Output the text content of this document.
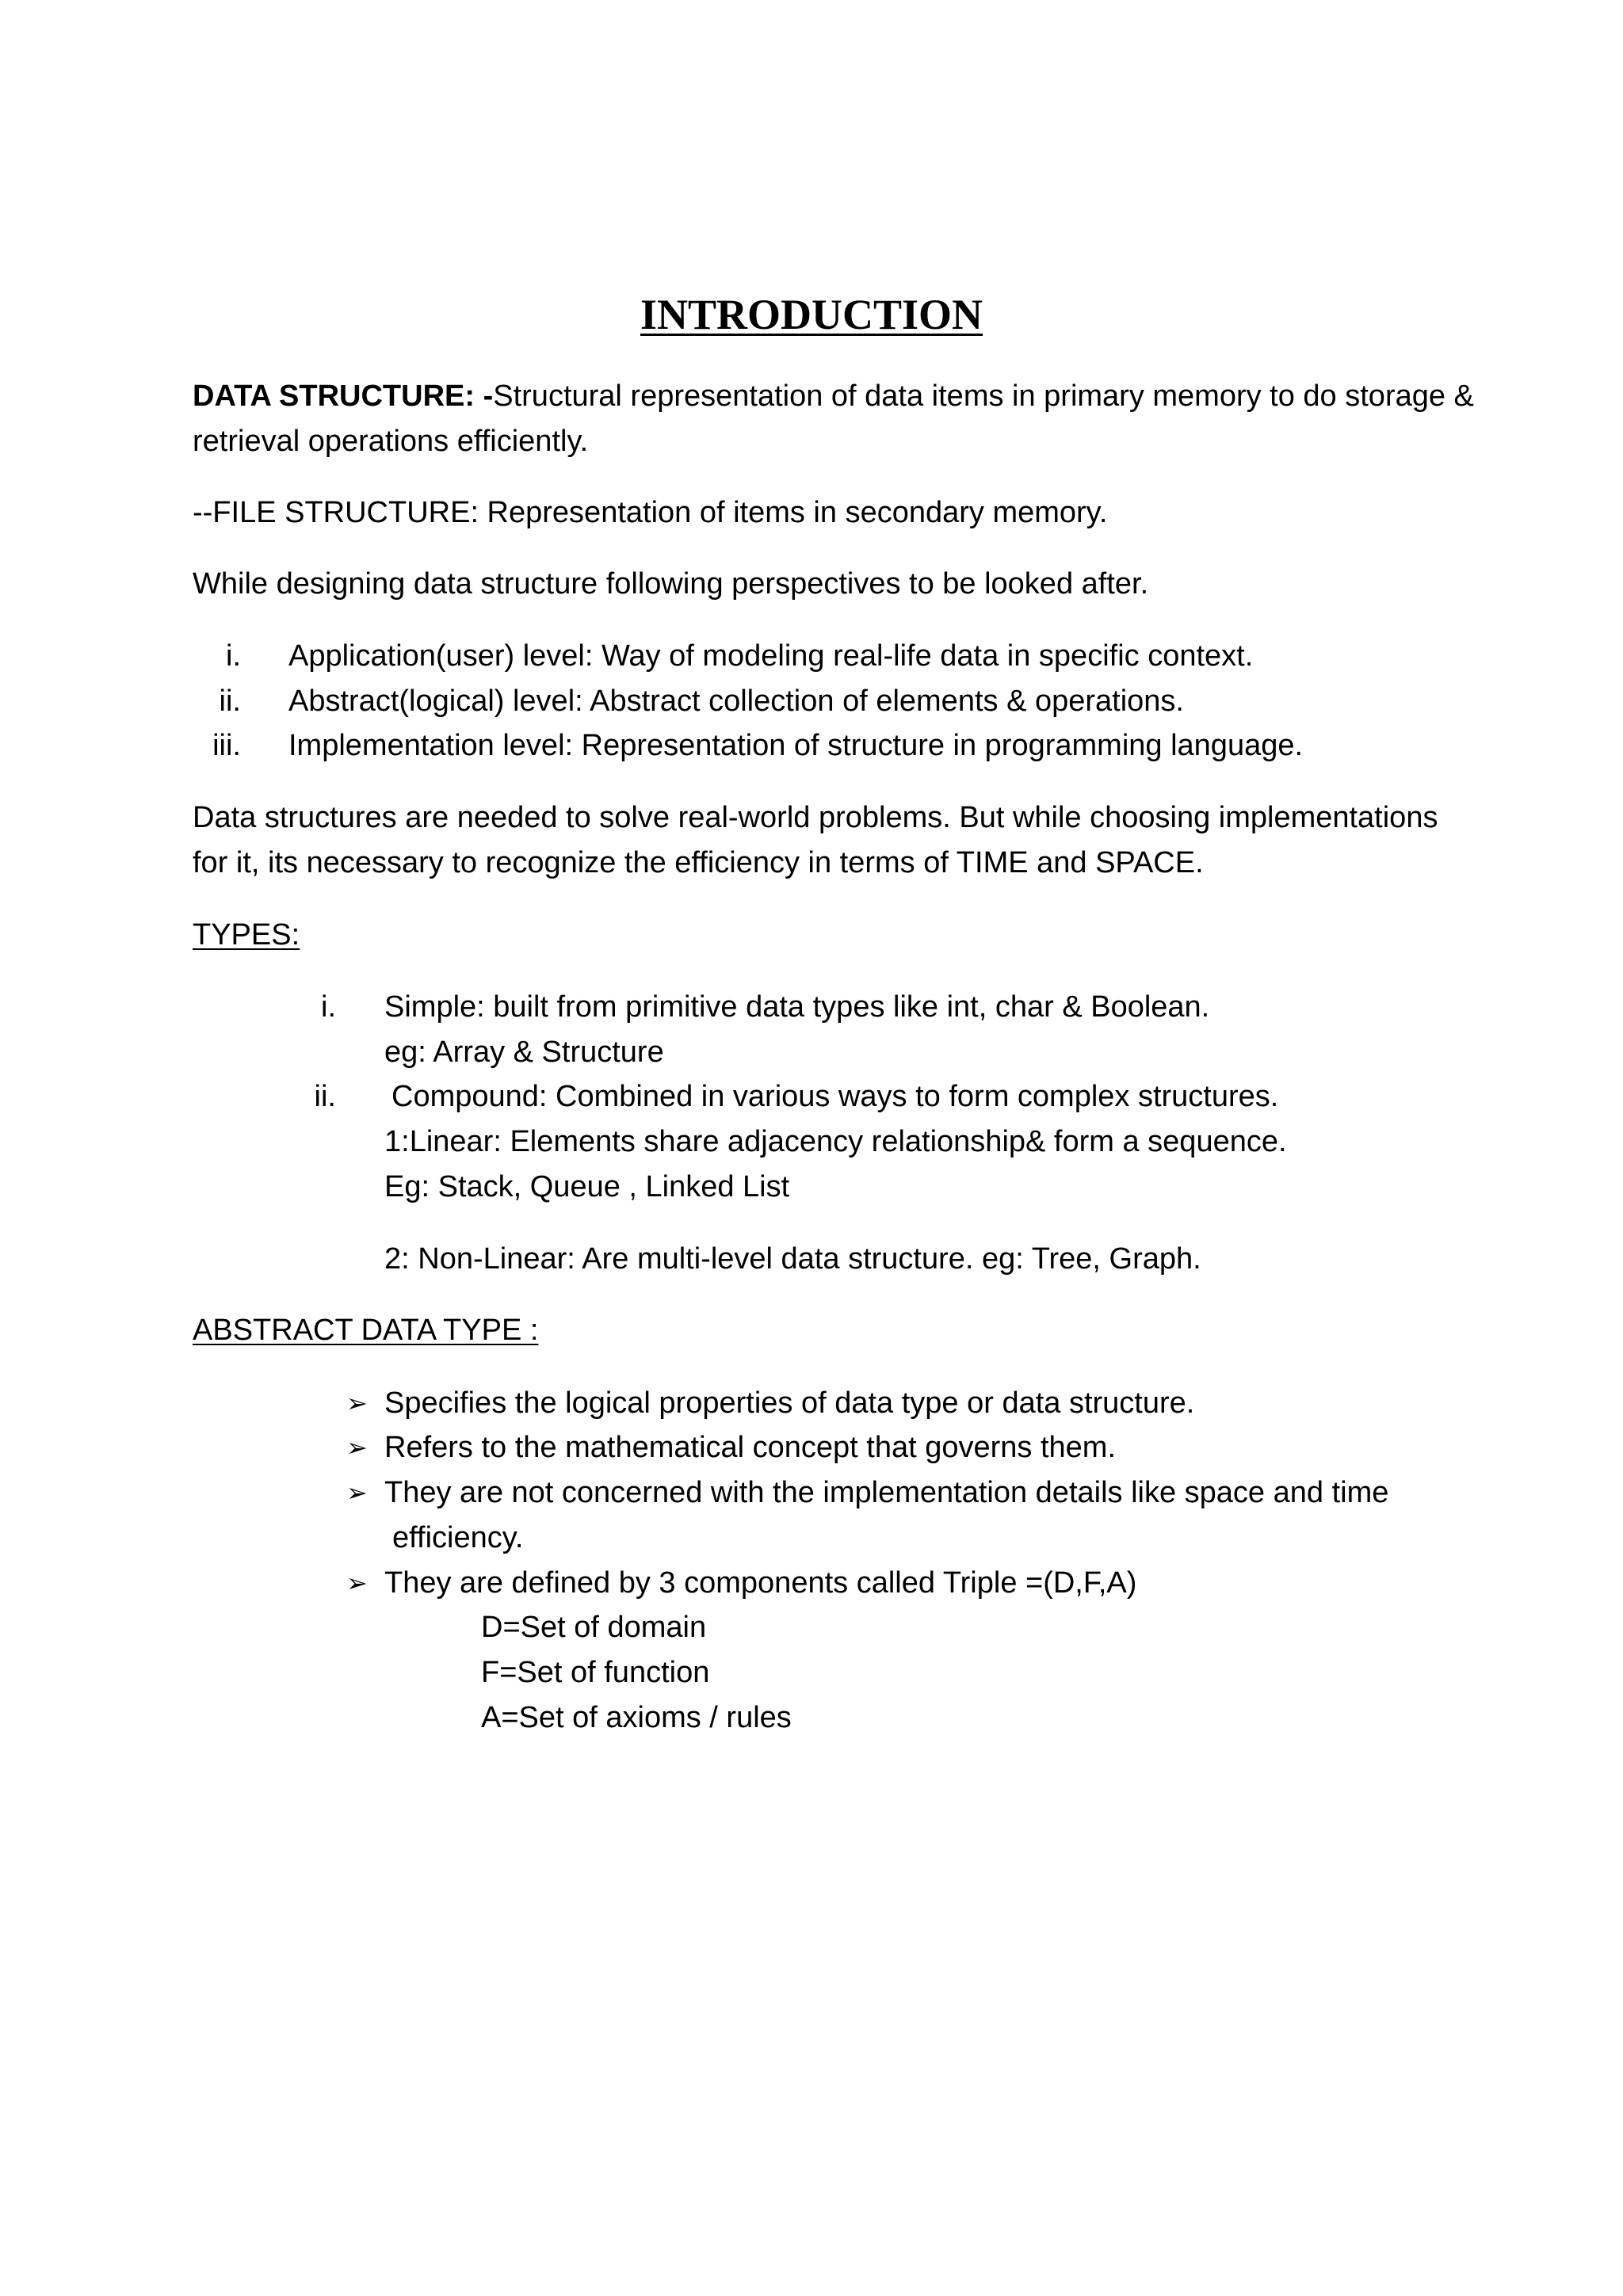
INTRODUCTION
DATA STRUCTURE: -Structural representation of data items in primary memory to do storage &
retrieval operations efficiently.
--FILE STRUCTURE: Representation of items in secondary memory.
While designing data structure following perspectives to be looked after.
i. Application(user) level: Way of modeling real-life data in specific context.
ii. Abstract(logical) level: Abstract collection of elements & operations.
iii. Implementation level: Representation of structure in programming language.
Data structures are needed to solve real-world problems. But while choosing implementations
for it, its necessary to recognize the efficiency in terms of TIME and SPACE.
TYPES:
i. Simple: built from primitive data types like int, char & Boolean.
eg: Array & Structure
ii. Compound: Combined in various ways to form complex structures.
1:Linear: Elements share adjacency relationship& form a sequence.
Eg: Stack, Queue , Linked List
2: Non-Linear: Are multi-level data structure. eg: Tree, Graph.
ABSTRACT DATA TYPE :
➢ Specifies the logical properties of data type or data structure.
➢ Refers to the mathematical concept that governs them.
➢ They are not concerned with the implementation details like space and time
efficiency.
➢ They are defined by 3 components called Triple =(D,F,A)
D=Set of domain
F=Set of function
A=Set of axioms / rules
